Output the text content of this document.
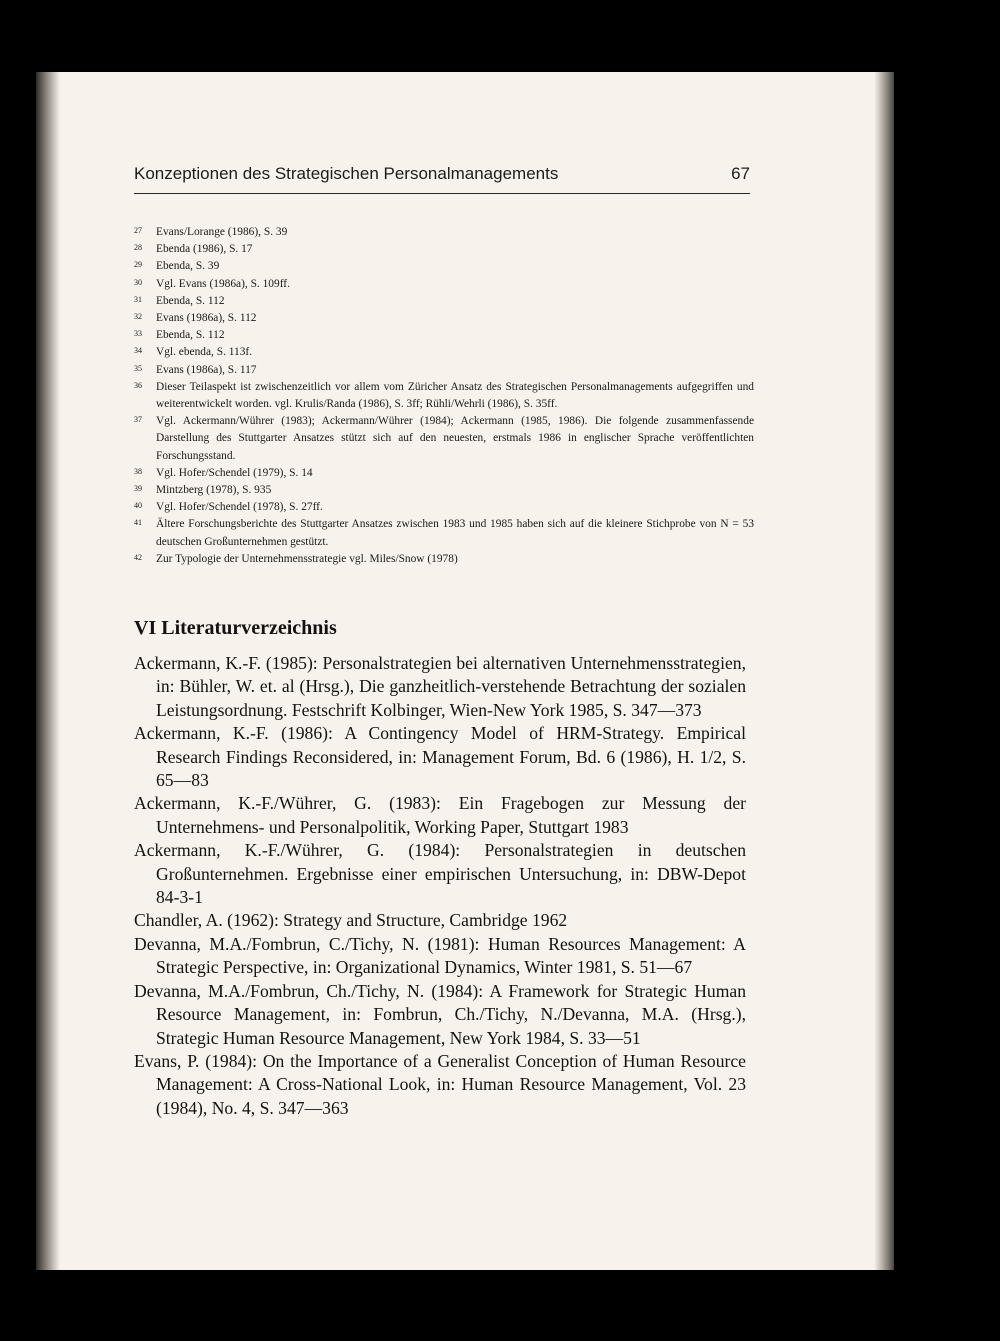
Konzeptionen des Strategischen Personalmanagements	67
27	Evans/Lorange (1986), S. 39
28	Ebenda (1986), S. 17
29	Ebenda, S. 39
30	Vgl. Evans (1986a), S. 109ff.
31	Ebenda, S. 112
32	Evans (1986a), S. 112
33	Ebenda, S. 112
34	Vgl. ebenda, S. 113f.
35	Evans (1986a), S. 117
36	Dieser Teilaspekt ist zwischenzeitlich vor allem vom Züricher Ansatz des Strategischen Personalmanagements aufgegriffen und weiterentwickelt worden. vgl. Krulis/Randa (1986), S. 3ff; Rühli/Wehrli (1986), S. 35ff.
37	Vgl. Ackermann/Wührer (1983); Ackermann/Wührer (1984); Ackermann (1985, 1986). Die folgende zusammenfassende Darstellung des Stuttgarter Ansatzes stützt sich auf den neuesten, erstmals 1986 in englischer Sprache veröffentlichten Forschungsstand.
38	Vgl. Hofer/Schendel (1979), S. 14
39	Mintzberg (1978), S. 935
40	Vgl. Hofer/Schendel (1978), S. 27ff.
41	Ältere Forschungsberichte des Stuttgarter Ansatzes zwischen 1983 und 1985 haben sich auf die kleinere Stichprobe von N = 53 deutschen Großunternehmen gestützt.
42	Zur Typologie der Unternehmensstrategie vgl. Miles/Snow (1978)
VI Literaturverzeichnis
Ackermann, K.-F. (1985): Personalstrategien bei alternativen Unternehmensstrategien, in: Bühler, W. et. al (Hrsg.), Die ganzheitlich-verstehende Betrachtung der sozialen Leistungsordnung. Festschrift Kolbinger, Wien-New York 1985, S. 347—373
Ackermann, K.-F. (1986): A Contingency Model of HRM-Strategy. Empirical Research Findings Reconsidered, in: Management Forum, Bd. 6 (1986), H. 1/2, S. 65—83
Ackermann, K.-F./Wührer, G. (1983): Ein Fragebogen zur Messung der Unternehmens- und Personalpolitik, Working Paper, Stuttgart 1983
Ackermann, K.-F./Wührer, G. (1984): Personalstrategien in deutschen Großunternehmen. Ergebnisse einer empirischen Untersuchung, in: DBW-Depot 84-3-1
Chandler, A. (1962): Strategy and Structure, Cambridge 1962
Devanna, M.A./Fombrun, C./Tichy, N. (1981): Human Resources Management: A Strategic Perspective, in: Organizational Dynamics, Winter 1981, S. 51—67
Devanna, M.A./Fombrun, Ch./Tichy, N. (1984): A Framework for Strategic Human Resource Management, in: Fombrun, Ch./Tichy, N./Devanna, M.A. (Hrsg.), Strategic Human Resource Management, New York 1984, S. 33—51
Evans, P. (1984): On the Importance of a Generalist Conception of Human Resource Management: A Cross-National Look, in: Human Resource Management, Vol. 23 (1984), No. 4, S. 347—363
